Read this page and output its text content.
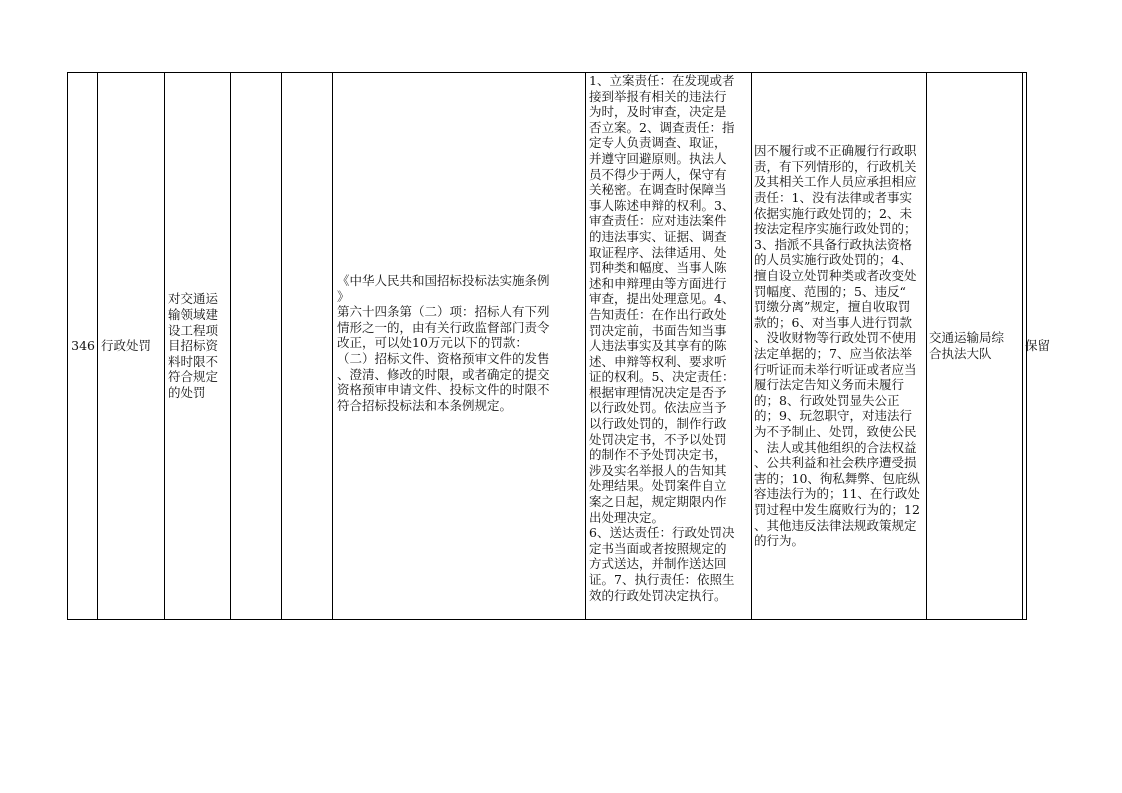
346 行政处罚
对交通运
输领域建
设工程项
目招标资
料时限不
符合规定
的处罚
《中华人民共和国招标投标法实施条例
》
第六十四条第（二）项：招标人有下列
情形之一的，由有关行政监督部门责令
改正，可以处10万元以下的罚款：
（二）招标文件、资格预审文件的发售
、澄清、修改的时限，或者确定的提交
资格预审申请文件、投标文件的时限不
符合招标投标法和本条例规定。
1、立案责任：在发现或者
接到举报有相关的违法行
为时，及时审查，决定是
否立案。2、调查责任：指
定专人负责调查、取证，
并遵守回避原则。执法人
员不得少于两人，保守有
关秘密。在调查时保障当
事人陈述申辩的权利。3、
审查责任：应对违法案件
的违法事实、证据、调查
取证程序、法律适用、处
罚种类和幅度、当事人陈
述和申辩理由等方面进行
审查，提出处理意见。4、
告知责任：在作出行政处
罚决定前，书面告知当事
人违法事实及其享有的陈
述、申辩等权利、要求听
证的权利。5、决定责任：
根据审理情况决定是否予
以行政处罚。依法应当予
以行政处罚的，制作行政
处罚决定书，不予以处罚
的制作不予处罚决定书，
涉及实名举报人的告知其
处理结果。处罚案件自立
案之日起，规定期限内作
出处理决定。
6、送达责任：行政处罚决
定书当面或者按照规定的
方式送达，并制作送达回
证。7、执行责任：依照生
效的行政处罚决定执行。
因不履行或不正确履行行政职
责，有下列情形的，行政机关
及其相关工作人员应承担相应
责任：1、没有法律或者事实
依据实施行政处罚的；2、未
按法定程序实施行政处罚的；
3、指派不具备行政执法资格
的人员实施行政处罚的；4、
擅自设立处罚种类或者改变处
罚幅度、范围的；5、违反“
罚缴分离”规定，擅自收取罚
款的；6、对当事人进行罚款
、没收财物等行政处罚不使用
法定单据的；7、应当依法举
行听证而未举行听证或者应当
履行法定告知义务而未履行
的；8、行政处罚显失公正
的；9、玩忽职守，对违法行
为不予制止、处罚，致使公民
、法人或其他组织的合法权益
、公共利益和社会秩序遭受损
害的；10、徇私舞弊、包庇纵
容违法行为的；11、在行政处
罚过程中发生腐败行为的；12
、其他违反法律法规政策规定
的行为。
交通运输局综
合执法大队
保留
